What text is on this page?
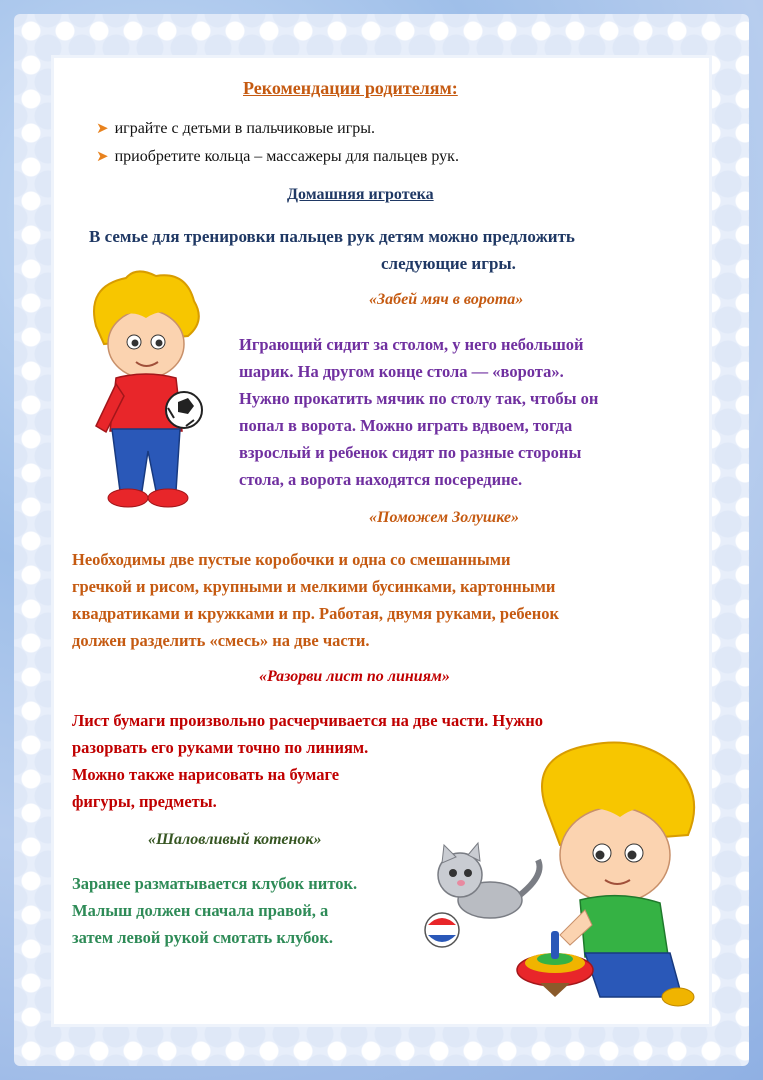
Рекомендации родителям:

➤ играйте с детьми в пальчиковые игры.
➤ приобретите кольца – массажеры для пальцев рук.

Домашняя игротека

В семье для тренировки пальцев рук детям можно предложить

следующие игры.

«Забей мяч в ворота»

Играющий сидит за столом, у него небольшой
шарик. На другом конце стола — «ворота».
Нужно прокатить мячик по столу так, чтобы он
попал в ворота. Можно играть вдвоем, тогда
взрослый и ребенок сидят по разные стороны
стола, а ворота находятся посередине.

«Поможем Золушке»

Необходимы две пустые коробочки и одна со смешанными
гречкой и рисом, крупными и мелкими бусинками, картонными
квадратиками и кружками и пр. Работая, двумя руками, ребенок
должен разделить «смесь» на две части.

«Разорви лист по линиям»

Лист бумаги произвольно расчерчивается на две части. Нужно
разорвать его руками точно по линиям.
Можно также нарисовать на бумаге
фигуры, предметы.

«Шаловливый котенок»

Заранее разматывается клубок ниток.
Малыш должен сначала правой, а
затем левой рукой смотать клубок.
